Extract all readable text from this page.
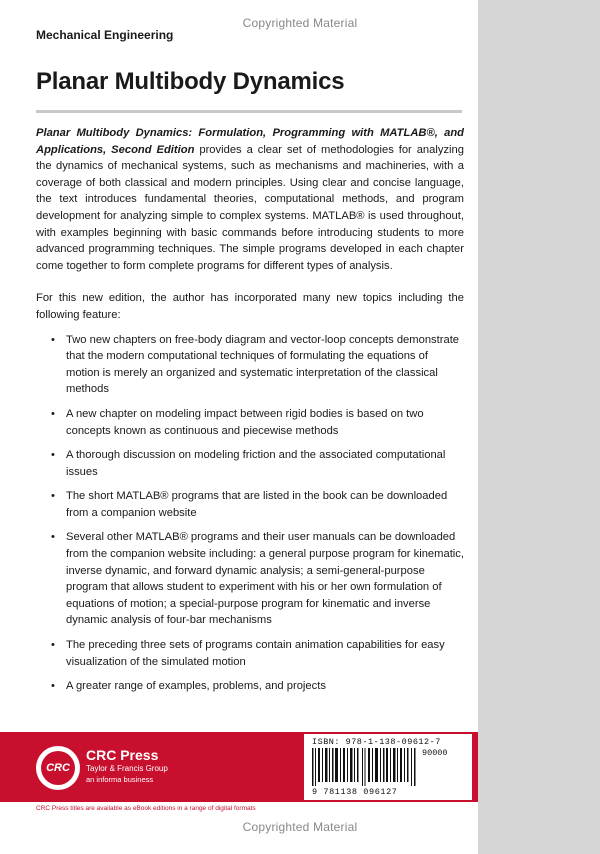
Copyrighted Material
Mechanical Engineering
Planar Multibody Dynamics

Planar Multibody Dynamics: Formulation, Programming with MATLAB®, and Applications, Second Edition provides a clear set of methodologies for analyzing the dynamics of mechanical systems, such as mechanisms and machineries, with a coverage of both classical and modern principles. Using clear and concise language, the text introduces fundamental theories, computational methods, and program development for analyzing simple to complex systems. MATLAB® is used throughout, with examples beginning with basic commands before introducing students to more advanced programming techniques. The simple programs developed in each chapter come together to form complete programs for different types of analysis.

For this new edition, the author has incorporated many new topics including the following feature:

• Two new chapters on free-body diagram and vector-loop concepts demonstrate that the modern computational techniques of formulating the equations of motion is merely an organized and systematic interpretation of the classical methods
• A new chapter on modeling impact between rigid bodies is based on two concepts known as continuous and piecewise methods
• A thorough discussion on modeling friction and the associated computational issues
• The short MATLAB® programs that are listed in the book can be downloaded from a companion website
• Several other MATLAB® programs and their user manuals can be downloaded from the companion website including: a general purpose program for kinematic, inverse dynamic, and forward dynamic analysis; a semi-general-purpose program that allows student to experiment with his or her own formulation of equations of motion; a special-purpose program for kinematic and inverse dynamic analysis of four-bar mechanisms
• The preceding three sets of programs contain animation capabilities for easy visualization of the simulated motion
• A greater range of examples, problems, and projects
CRC
CRC Press
Taylor & Francis Group
an informa business
ISBN: 978-1-138-09612-7
90000
9 781138 096127
CRC Press titles are available as eBook editions in a range of digital formats
Copyrighted Material
